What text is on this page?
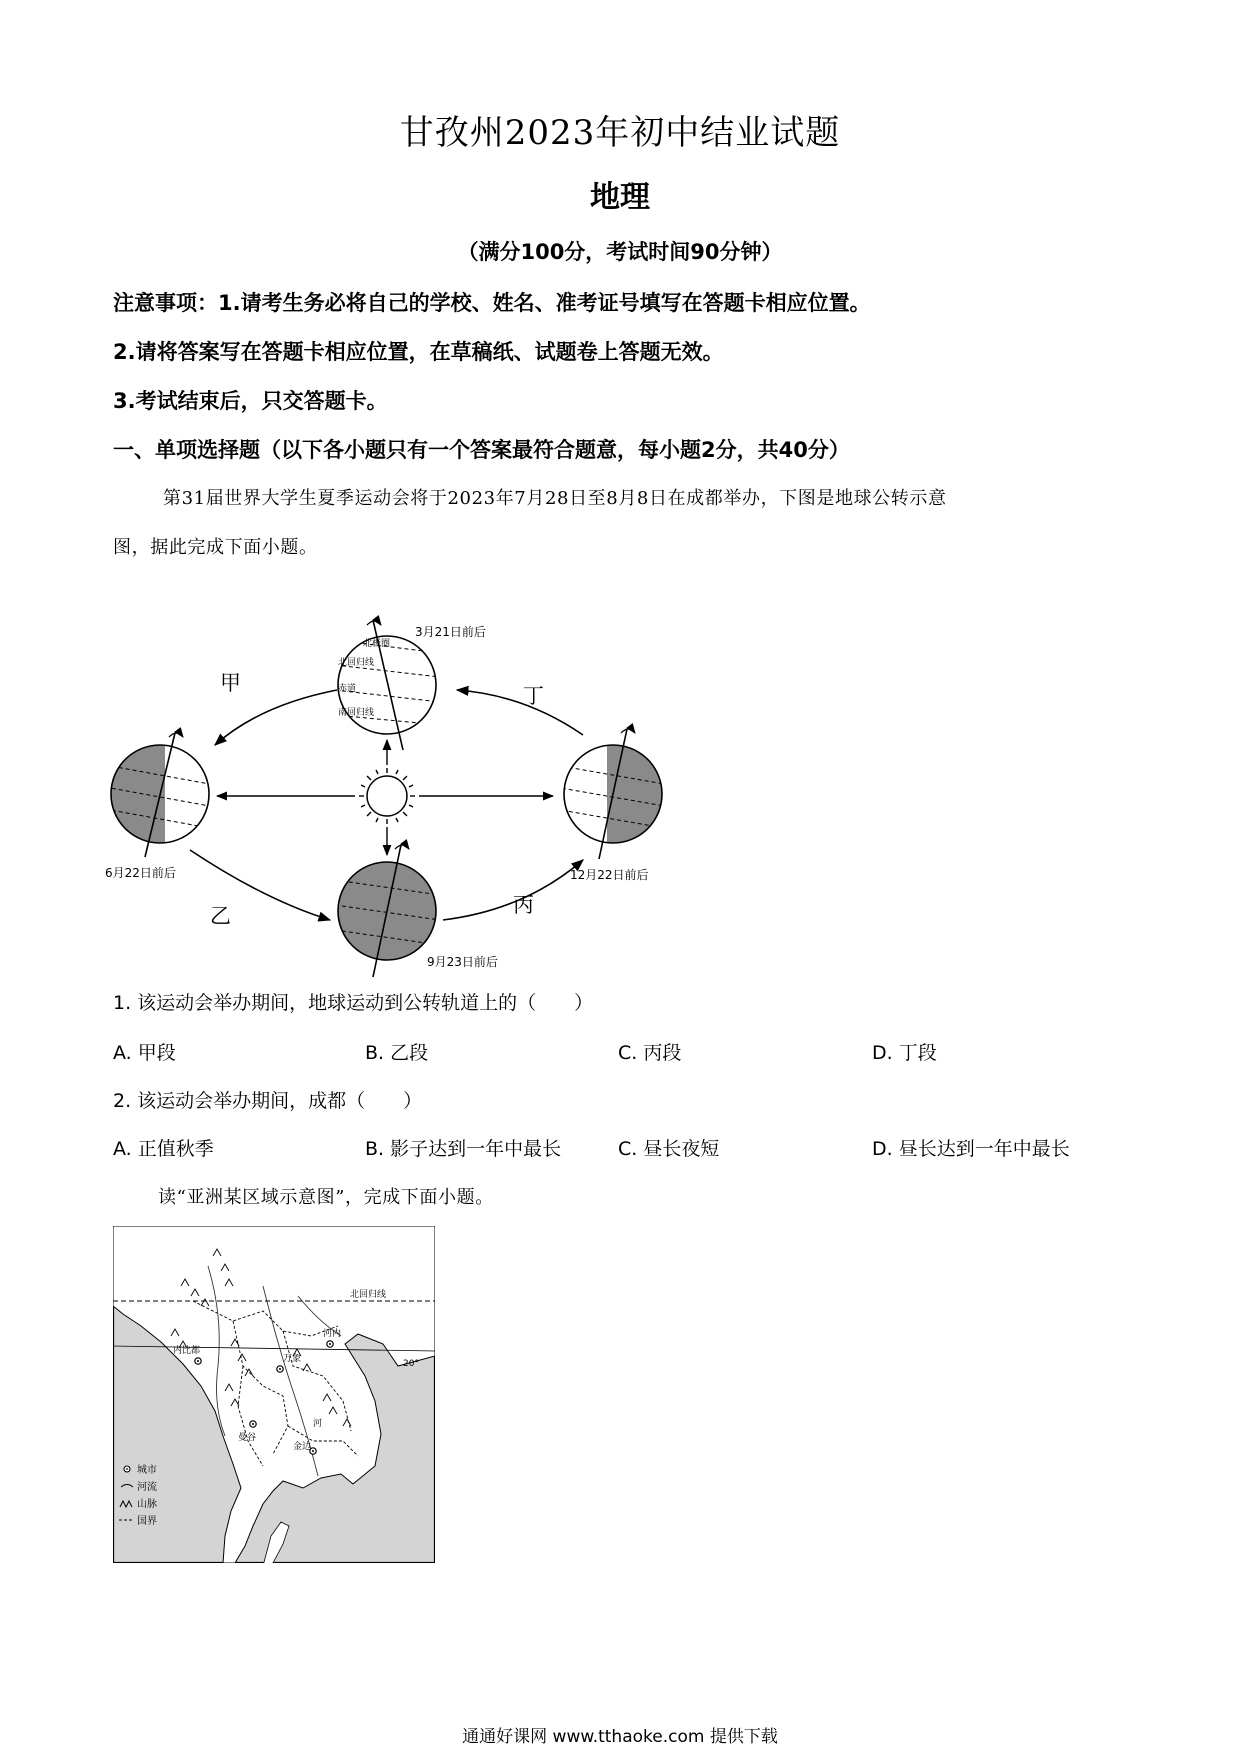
甘孜州2023年初中结业试题
地理
（满分100分，考试时间90分钟）
注意事项：1.请考生务必将自己的学校、姓名、准考证号填写在答题卡相应位置。
2.请将答案写在答题卡相应位置，在草稿纸、试题卷上答题无效。
3.考试结束后，只交答题卡。
一、单项选择题（以下各小题只有一个答案最符合题意，每小题2分，共40分）
第31届世界大学生夏季运动会将于2023年7月28日至8月8日在成都举办，下图是地球公转示意
图，据此完成下面小题。
北极圈
北回归线
赤道
南回归线
3月21日前后
6月22日前后	12月22日前后
9月23日前后
甲
丁
乙	丙
1. 该运动会举办期间，地球运动到公转轨道上的（　　）
A. 甲段	B. 乙段	C. 丙段	D. 丁段
2. 该运动会举办期间，成都（　　）
A. 正值秋季	B. 影子达到一年中最长	C. 昼长夜短	D. 昼长达到一年中最长
读“亚洲某区域示意图”，完成下面小题。
北回归线
20°
内比都
河内
万象
曼谷
金边
河
城市
河流
山脉
国界
通通好课网 www.tthaoke.com 提供下载
